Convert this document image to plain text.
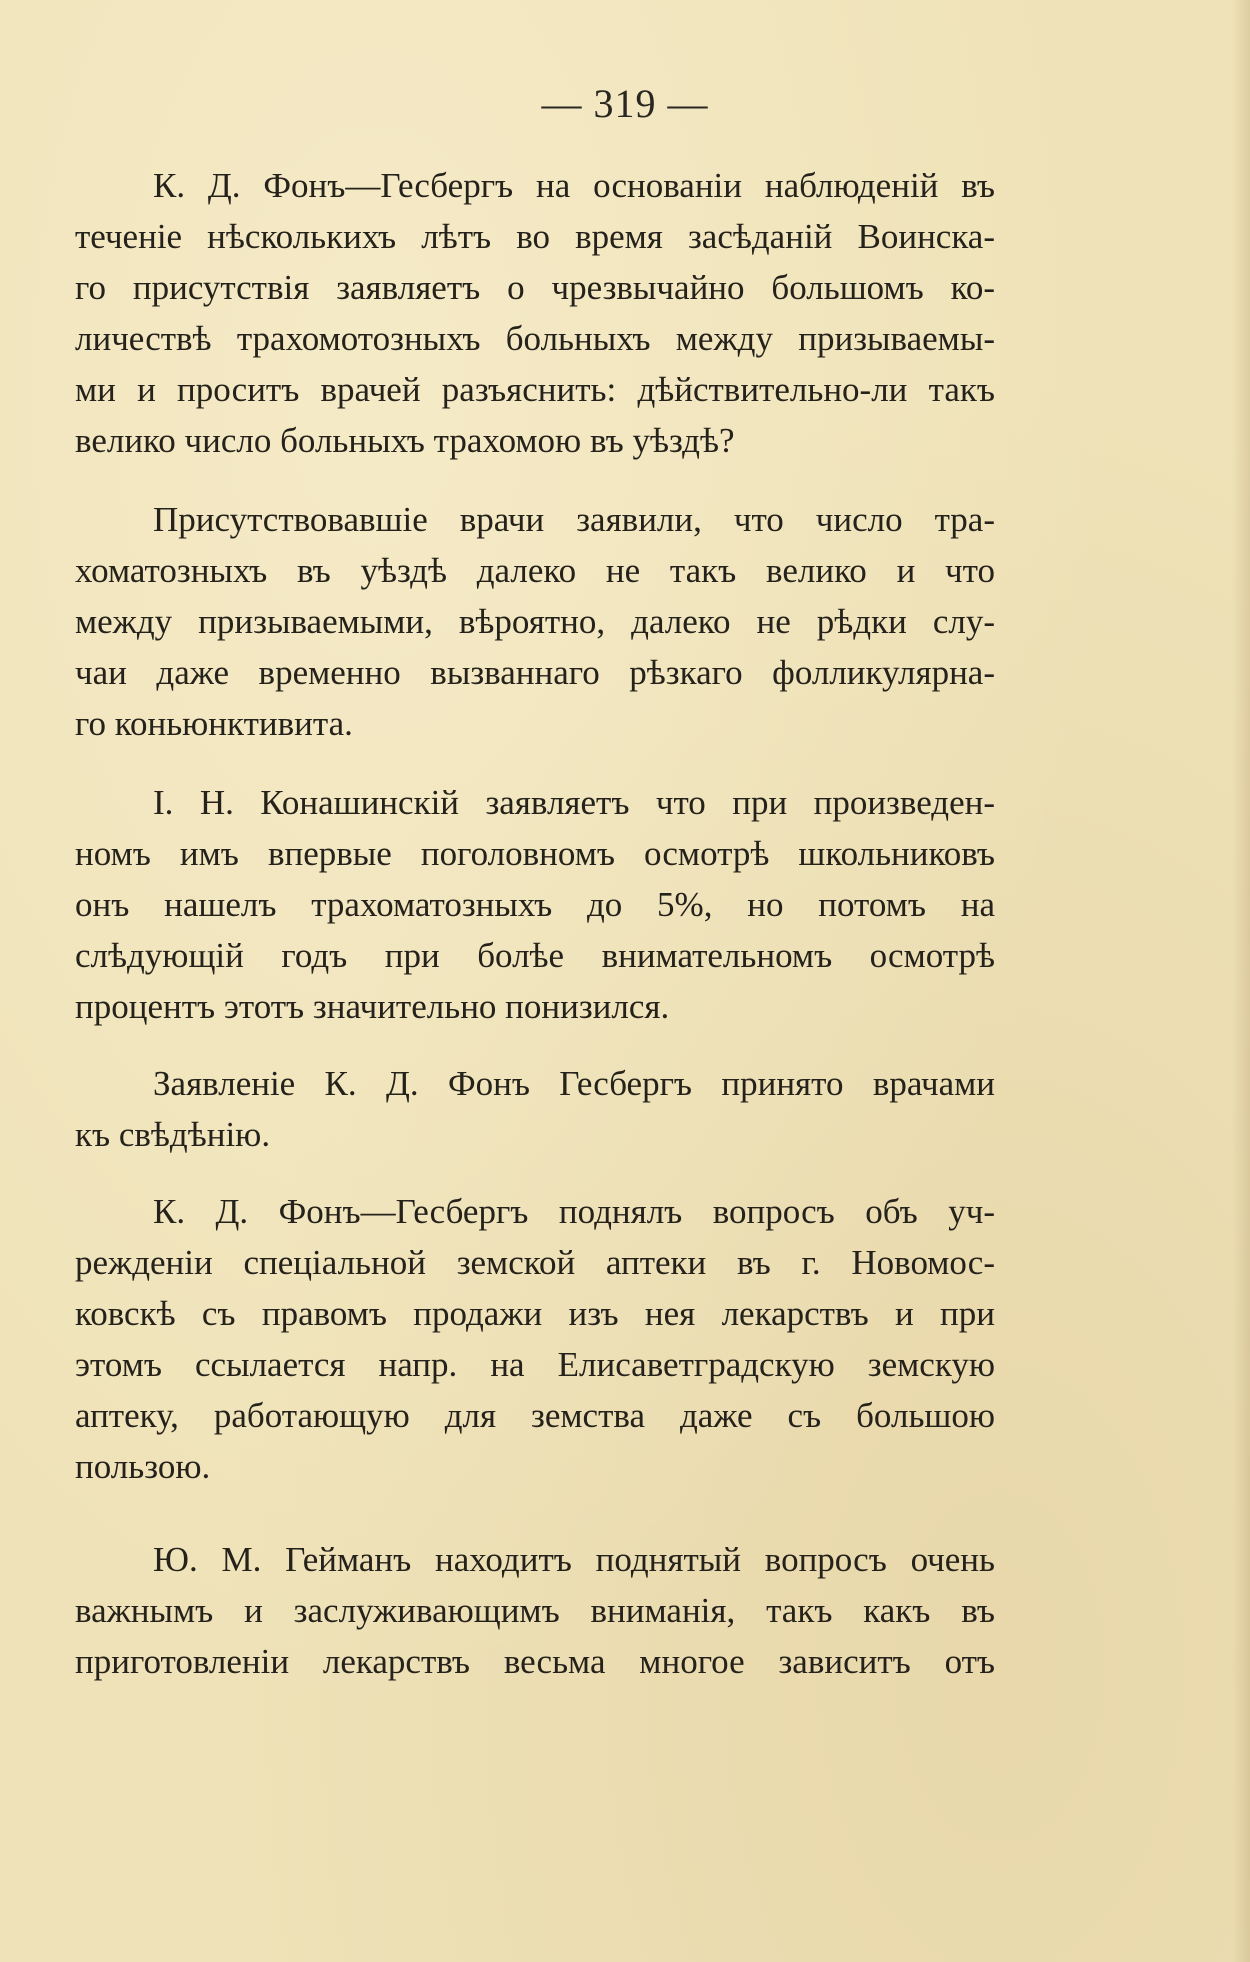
— 319 —
К. Д. Фонъ—Гесбергъ на основаніи наблюденій въ
теченіе нѣсколькихъ лѣтъ во время засѣданій Воинска-
го присутствія заявляетъ о чрезвычайно большомъ ко-
личествѣ трахомотозныхъ больныхъ между призываемы-
ми и проситъ врачей разъяснить: дѣйствительно-ли такъ
велико число больныхъ трахомою въ уѣздѣ?
Присутствовавшіе врачи заявили, что число тра-
хоматозныхъ въ уѣздѣ далеко не такъ велико и что
между призываемыми, вѣроятно, далеко не рѣдки слу-
чаи даже временно вызваннаго рѣзкаго фолликулярна-
го коньюнктивита.
I. Н. Конашинскій заявляетъ что при произведен-
номъ имъ впервые поголовномъ осмотрѣ школьниковъ
онъ нашелъ трахоматозныхъ до 5%, но потомъ на
слѣдующій годъ при болѣе внимательномъ осмотрѣ
процентъ этотъ значительно понизился.
Заявленіе К. Д. Фонъ Гесбергъ принято врачами
къ свѣдѣнію.
К. Д. Фонъ—Гесбергъ поднялъ вопросъ объ уч-
режденіи спеціальной земской аптеки въ г. Новомос-
ковскѣ съ правомъ продажи изъ нея лекарствъ и при
этомъ ссылается напр. на Елисаветградскую земскую
аптеку, работающую для земства даже съ большою
пользою.
Ю. М. Гейманъ находитъ поднятый вопросъ очень
важнымъ и заслуживающимъ вниманія, такъ какъ въ
приготовленіи лекарствъ весьма многое зависитъ отъ
